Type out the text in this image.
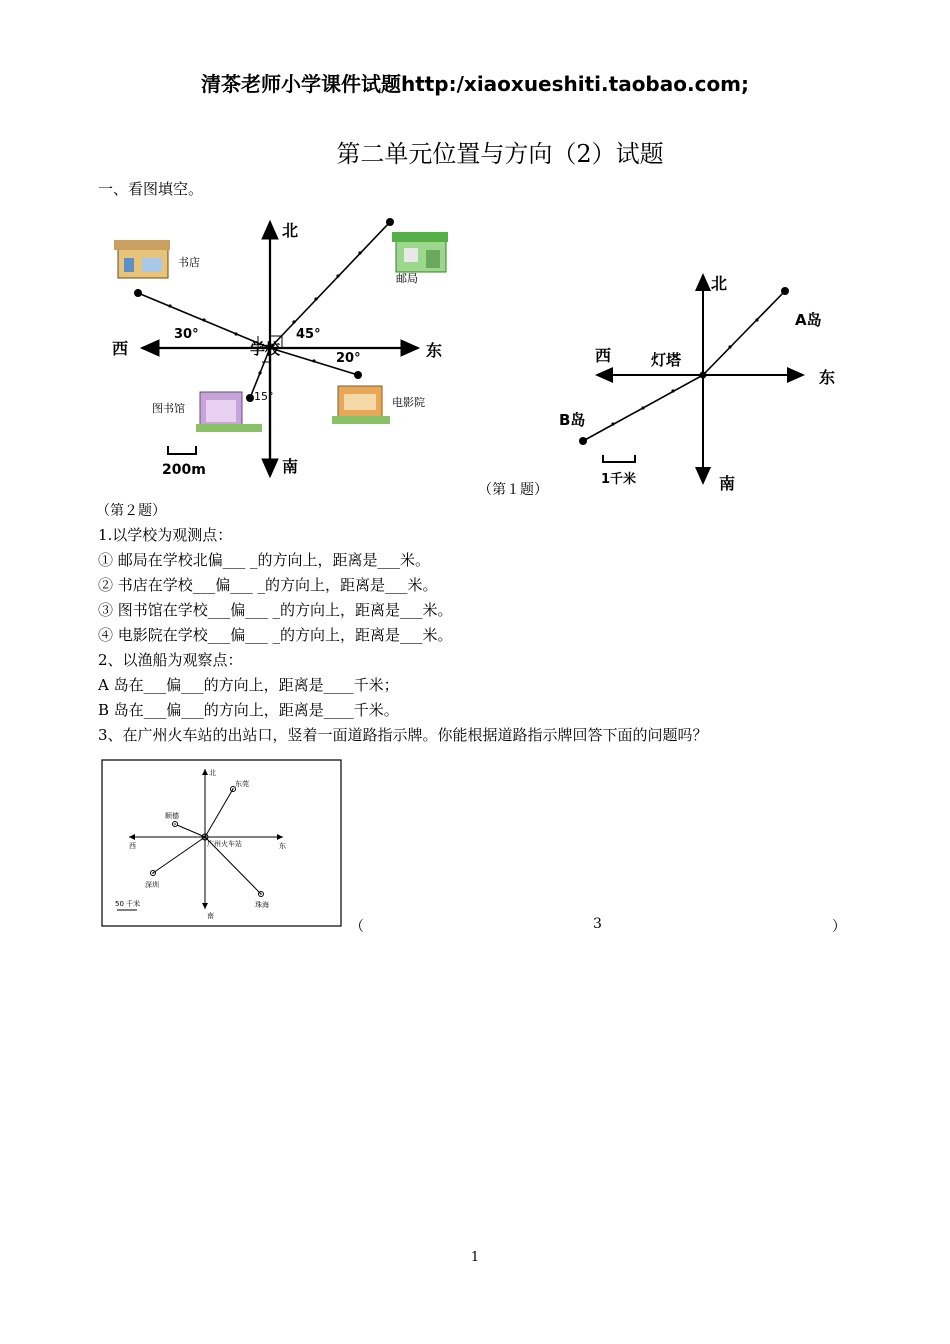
清茶老师小学课件试题http:/xiaoxueshiti.taobao.com;
第二单元位置与方向（2）试题
一、看图填空。
北
南
东
西	学校
书店
邮局
图书馆	电影院
30°	45°
20°
15°
200m
北
南
东
西	灯塔
A岛
B岛
1千米
（第１题）
（第２题）
1.以学校为观测点：
① 邮局在学校北偏___ _的方向上，距离是___米。
② 书店在学校___偏___ _的方向上，距离是___米。
③ 图书馆在学校___偏___ _的方向上，距离是___米。
④ 电影院在学校___偏___ _的方向上，距离是___米。
2、以渔船为观察点：
A 岛在___偏___的方向上，距离是____千米；
B 岛在___偏___的方向上，距离是____千米。
3、在广州火车站的出站口，竖着一面道路指示牌。你能根据道路指示牌回答下面的问题吗？
北
南
东
西	广州火车站
东莞
顺德
深圳
珠海
50 千米
（	3	）
1
